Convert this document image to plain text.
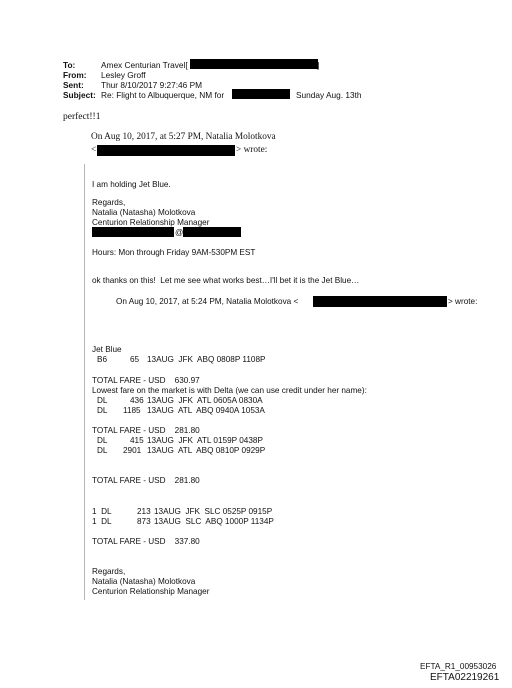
To:	Amex Centurian Travel[	]
From: Lesley Groff
Sent: Thur 8/10/2017 9:27:46 PM
Subject: Re: Flight to Albuquerque, NM for	Sunday Aug. 13th
perfect!!1
On Aug 10, 2017, at 5:27 PM, Natalia Molotkova
<	> wrote:
I am holding Jet Blue.
Regards,
Natalia (Natasha) Molotkova
Centurion Relationship Manager
@
Hours: Mon through Friday 9AM-530PM EST
ok thanks on this!  Let me see what works best…I'll bet it is the Jet Blue…
On Aug 10, 2017, at 5:24 PM, Natalia Molotkova <	> wrote:
Jet Blue
B6	65 13AUG  JFK  ABQ 0808P 1108P
TOTAL FARE - USD    630.97
Lowest fare on the market is with Delta (we can use credit under her name):
DL	436 13AUG  JFK  ATL 0605A 0830A
DL 1185 13AUG  ATL  ABQ 0940A 1053A
TOTAL FARE - USD    281.80
DL	415 13AUG  JFK  ATL 0159P 0438P
DL 2901 13AUG  ATL  ABQ 0810P 0929P
TOTAL FARE - USD    281.80
1  DL	213 13AUG  JFK  SLC 0525P 0915P
1  DL	873 13AUG  SLC  ABQ 1000P 1134P
TOTAL FARE - USD    337.80
Regards,
Natalia (Natasha) Molotkova
Centurion Relationship Manager
EFTA_R1_00953026
EFTA02219261
